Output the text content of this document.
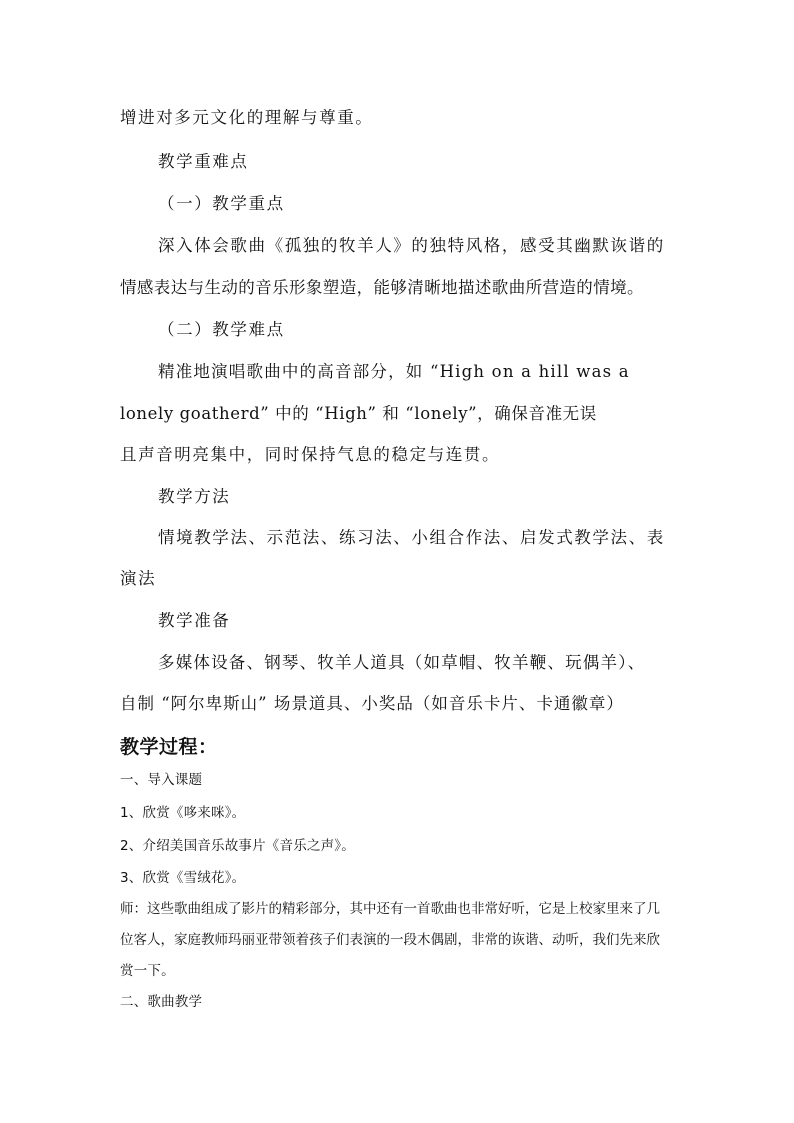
增进对多元文化的理解与尊重。

教学重难点

（一）教学重点

深入体会歌曲《孤独的牧羊人》的独特风格，感受其幽默诙谐的

情感表达与生动的音乐形象塑造，能够清晰地描述歌曲所营造的情境。

（二）教学难点

精准地演唱歌曲中的高音部分，如 “High on a hill was a

lonely goatherd” 中的 “High” 和 “lonely”，确保音准无误

且声音明亮集中，同时保持气息的稳定与连贯。

教学方法

情境教学法、示范法、练习法、小组合作法、启发式教学法、表

演法

教学准备

多媒体设备、钢琴、牧羊人道具（如草帽、牧羊鞭、玩偶羊）、

自制 “阿尔卑斯山” 场景道具、小奖品（如音乐卡片、卡通徽章）

教学过程：

一、导入课题

1、欣赏《哆来咪》。

2、介绍美国音乐故事片《音乐之声》。

3、欣赏《雪绒花》。

师：这些歌曲组成了影片的精彩部分，其中还有一首歌曲也非常好听，它是上校家里来了几

位客人，家庭教师玛丽亚带领着孩子们表演的一段木偶剧，非常的诙谐、动听，我们先来欣

赏一下。

二、歌曲教学
